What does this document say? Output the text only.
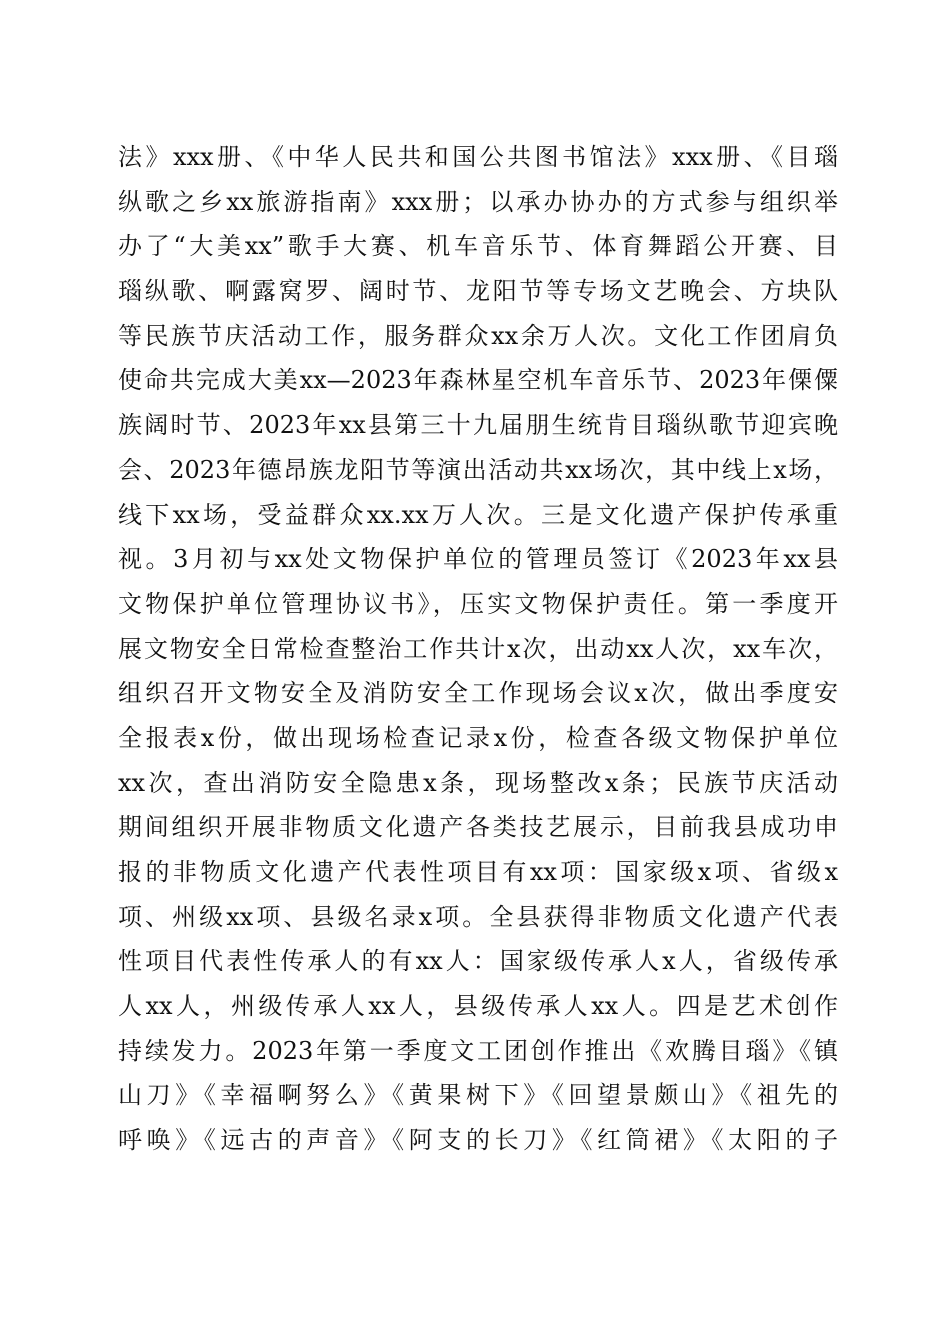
法》xxx册、《中华人民共和国公共图书馆法》xxx册、《目瑙
纵歌之乡xx旅游指南》xxx册；以承办协办的方式参与组织举
办了“大美xx”歌手大赛、机车音乐节、体育舞蹈公开赛、目
瑙纵歌、啊露窝罗、阔时节、龙阳节等专场文艺晚会、方块队
等民族节庆活动工作，服务群众xx余万人次。文化工作团肩负
使命共完成大美xx—2023年森林星空机车音乐节、2023年傈僳
族阔时节、2023年xx县第三十九届朋生统肯目瑙纵歌节迎宾晚
会、2023年德昂族龙阳节等演出活动共xx场次，其中线上x场，
线下xx场，受益群众xx.xx万人次。三是文化遗产保护传承重
视。3月初与xx处文物保护单位的管理员签订《2023年xx县
文物保护单位管理协议书》，压实文物保护责任。第一季度开
展文物安全日常检查整治工作共计x次，出动xx人次，xx车次，
组织召开文物安全及消防安全工作现场会议x次，做出季度安
全报表x份，做出现场检查记录x份，检查各级文物保护单位
xx次，查出消防安全隐患x条，现场整改x条；民族节庆活动
期间组织开展非物质文化遗产各类技艺展示，目前我县成功申
报的非物质文化遗产代表性项目有xx项：国家级x项、省级x
项、州级xx项、县级名录x项。全县获得非物质文化遗产代表
性项目代表性传承人的有xx人：国家级传承人x人，省级传承
人xx人，州级传承人xx人，县级传承人xx人。四是艺术创作
持续发力。2023年第一季度文工团创作推出《欢腾目瑙》《镇
山刀》《幸福啊努么》《黄果树下》《回望景颇山》《祖先的
呼唤》《远古的声音》《阿支的长刀》《红筒裙》《太阳的子
